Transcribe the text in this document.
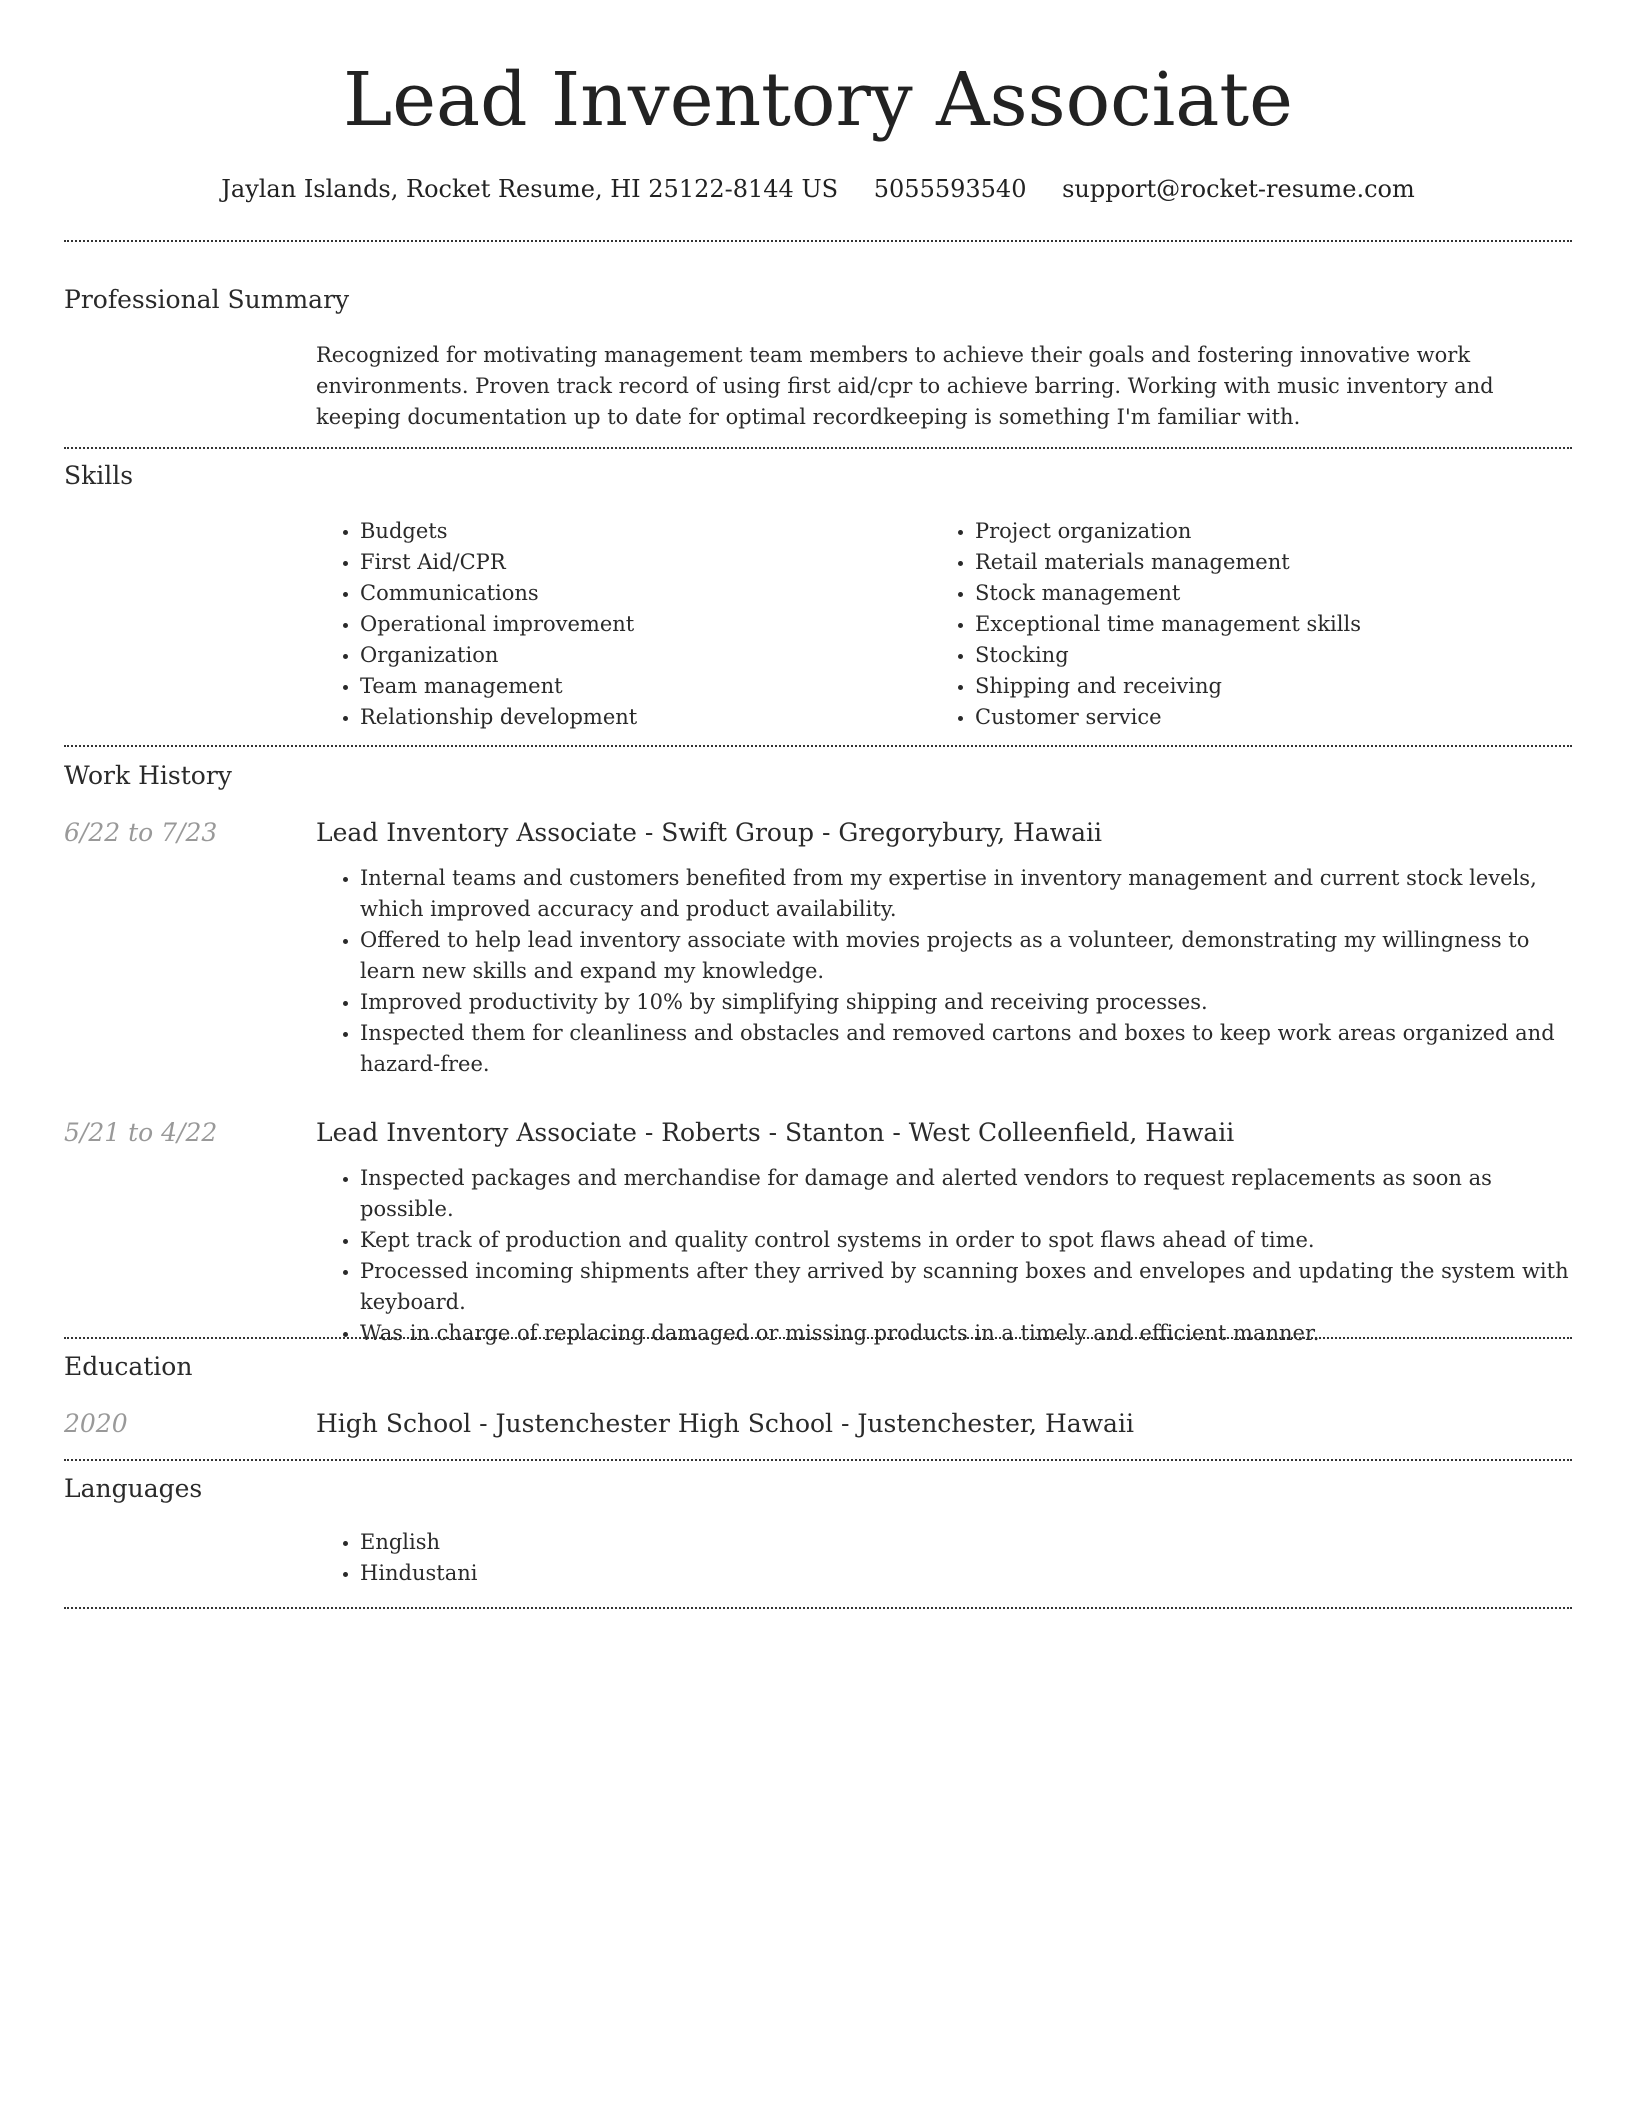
Lead Inventory Associate
Jaylan Islands, Rocket Resume, HI 25122-8144 US 5055593540 support@rocket-resume.com
Professional Summary

Recognized for motivating management team members to achieve their goals and fostering innovative work environments. Proven track record of using first aid/cpr to achieve barring. Working with music inventory and keeping documentation up to date for optimal recordkeeping is something I'm familiar with.

Skills
• Budgets
• First Aid/CPR
• Communications
• Operational improvement
• Organization
• Team management
• Relationship development
• Project organization
• Retail materials management
• Stock management
• Exceptional time management skills
• Stocking
• Shipping and receiving
• Customer service
Work History
6/22 to 7/23	Lead Inventory Associate - Swift Group - Gregorybury, Hawaii

• Internal teams and customers benefited from my expertise in inventory management and current stock levels, which improved accuracy and product availability.
• Offered to help lead inventory associate with movies projects as a volunteer, demonstrating my willingness to learn new skills and expand my knowledge.
• Improved productivity by 10% by simplifying shipping and receiving processes.
• Inspected them for cleanliness and obstacles and removed cartons and boxes to keep work areas organized and hazard-free.
5/21 to 4/22	Lead Inventory Associate - Roberts - Stanton - West Colleenfield, Hawaii

• Inspected packages and merchandise for damage and alerted vendors to request replacements as soon as possible.
• Kept track of production and quality control systems in order to spot flaws ahead of time.
• Processed incoming shipments after they arrived by scanning boxes and envelopes and updating the system with keyboard.
• Was in charge of replacing damaged or missing products in a timely and efficient manner.
Education
2020	High School - Justenchester High School - Justenchester, Hawaii

Languages
• English
• Hindustani
